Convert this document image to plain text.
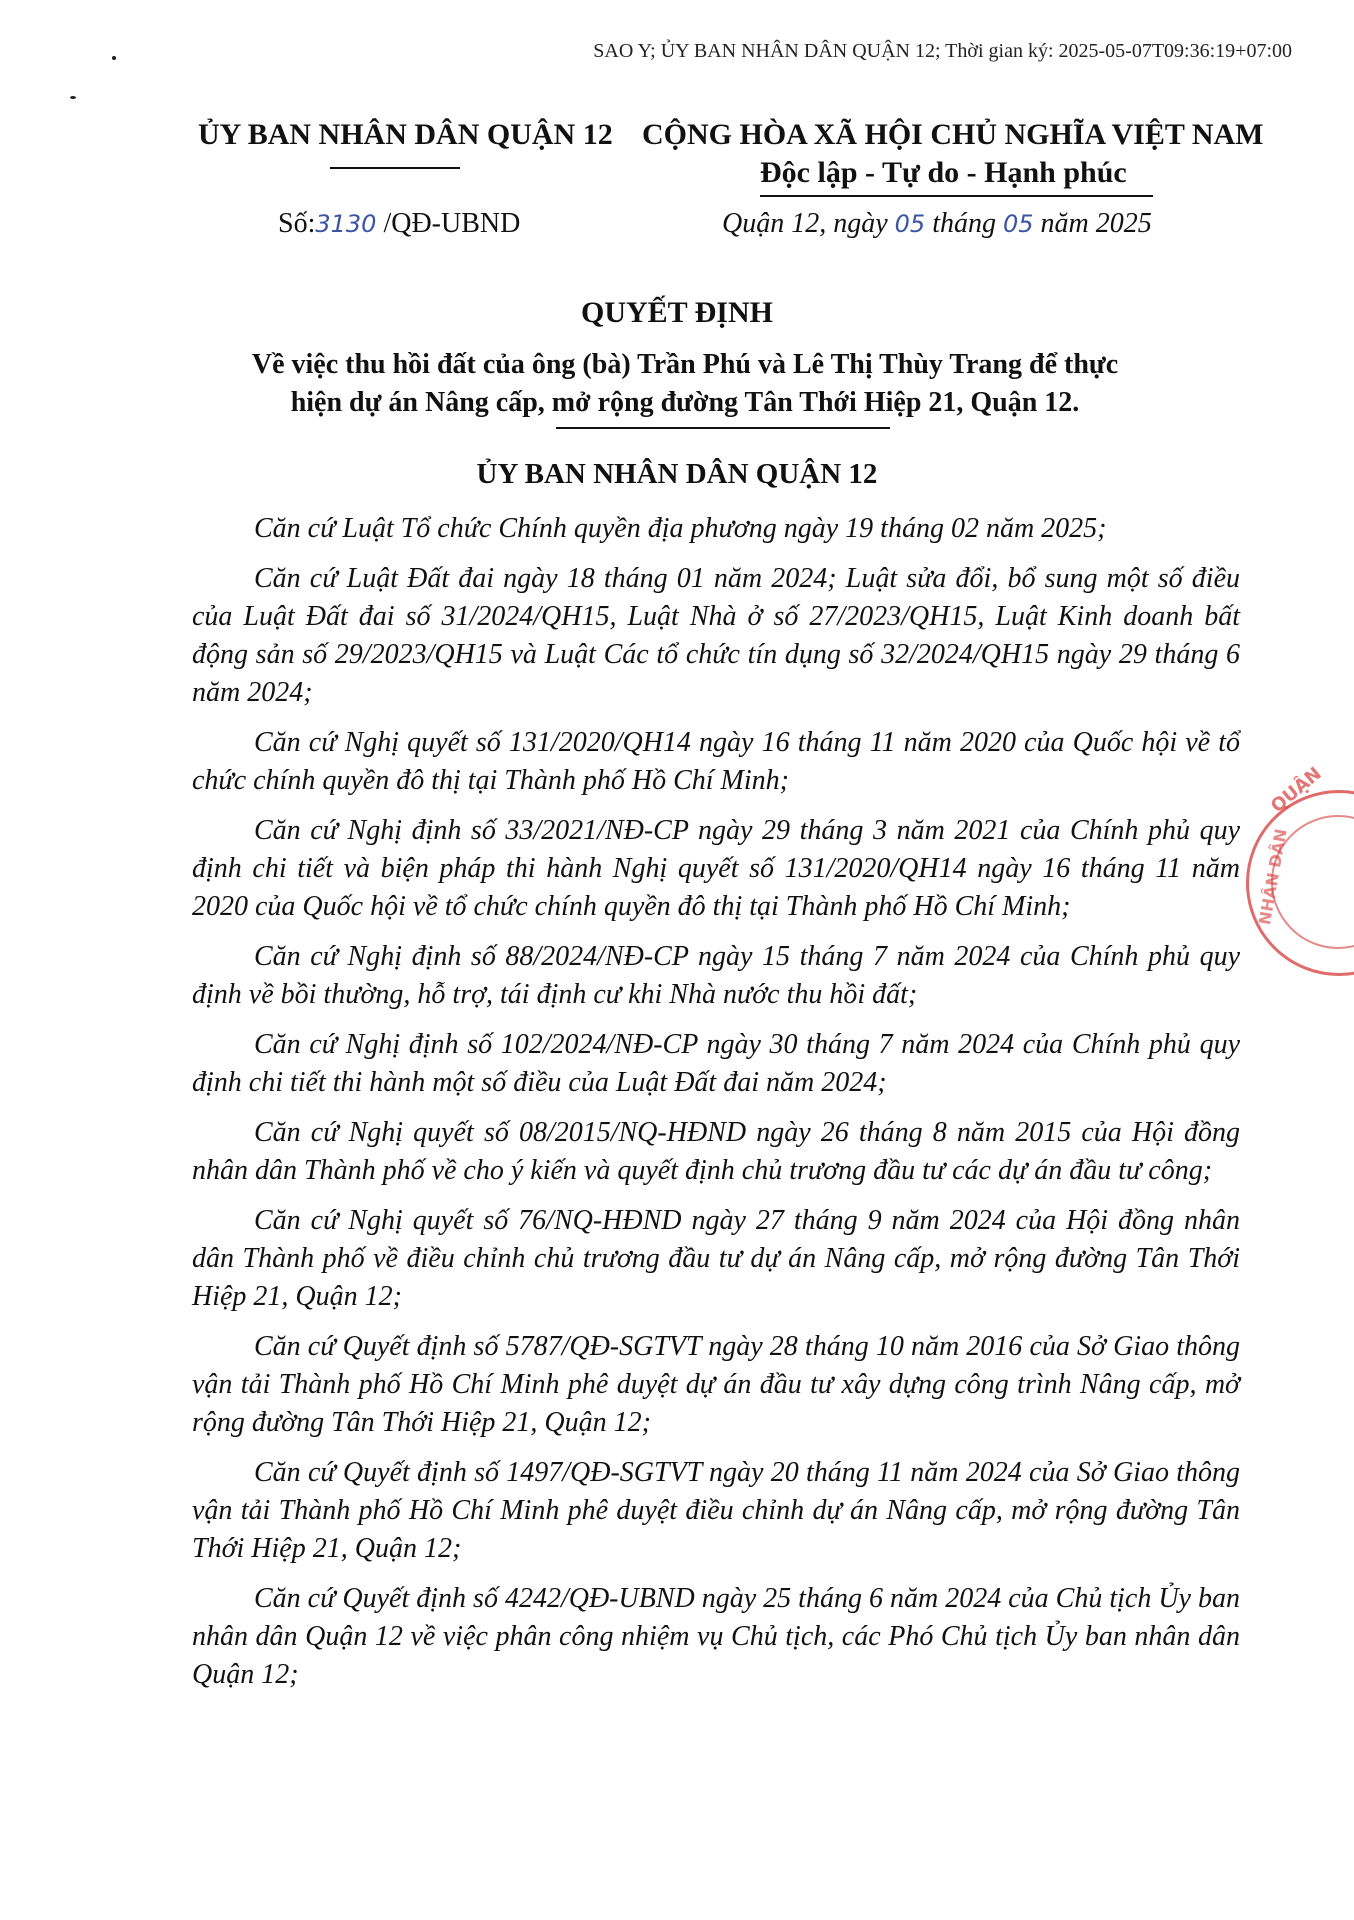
SAO Y; ỦY BAN NHÂN DÂN QUẬN 12; Thời gian ký: 2025-05-07T09:36:19+07:00
ỦY BAN NHÂN DÂN QUẬN 12 CỘNG HÒA XÃ HỘI CHỦ NGHĨA VIỆT NAM
Độc lập - Tự do - Hạnh phúc
Số:3130 /QĐ-UBND	Quận 12, ngày 05 tháng 05 năm 2025
QUYẾT ĐỊNH
Về việc thu hồi đất của ông (bà) Trần Phú và Lê Thị Thùy Trang để thực
hiện dự án Nâng cấp, mở rộng đường Tân Thới Hiệp 21, Quận 12.
ỦY BAN NHÂN DÂN QUẬN 12

Căn cứ Luật Tổ chức Chính quyền địa phương ngày 19 tháng 02 năm 2025;

Căn cứ Luật Đất đai ngày 18 tháng 01 năm 2024; Luật sửa đổi, bổ sung một số điều của Luật Đất đai số 31/2024/QH15, Luật Nhà ở số 27/2023/QH15, Luật Kinh doanh bất động sản số 29/2023/QH15 và Luật Các tổ chức tín dụng số 32/2024/QH15 ngày 29 tháng 6 năm 2024;

Căn cứ Nghị quyết số 131/2020/QH14 ngày 16 tháng 11 năm 2020 của Quốc hội về tổ chức chính quyền đô thị tại Thành phố Hồ Chí Minh;

Căn cứ Nghị định số 33/2021/NĐ-CP ngày 29 tháng 3 năm 2021 của Chính phủ quy định chi tiết và biện pháp thi hành Nghị quyết số 131/2020/QH14 ngày 16 tháng 11 năm 2020 của Quốc hội về tổ chức chính quyền đô thị tại Thành phố Hồ Chí Minh;

Căn cứ Nghị định số 88/2024/NĐ-CP ngày 15 tháng 7 năm 2024 của Chính phủ quy định về bồi thường, hỗ trợ, tái định cư khi Nhà nước thu hồi đất;

Căn cứ Nghị định số 102/2024/NĐ-CP ngày 30 tháng 7 năm 2024 của Chính phủ quy định chi tiết thi hành một số điều của Luật Đất đai năm 2024;

Căn cứ Nghị quyết số 08/2015/NQ-HĐND ngày 26 tháng 8 năm 2015 của Hội đồng nhân dân Thành phố về cho ý kiến và quyết định chủ trương đầu tư các dự án đầu tư công;

Căn cứ Nghị quyết số 76/NQ-HĐND ngày 27 tháng 9 năm 2024 của Hội đồng nhân dân Thành phố về điều chỉnh chủ trương đầu tư dự án Nâng cấp, mở rộng đường Tân Thới Hiệp 21, Quận 12;

Căn cứ Quyết định số 5787/QĐ-SGTVT ngày 28 tháng 10 năm 2016 của Sở Giao thông vận tải Thành phố Hồ Chí Minh phê duyệt dự án đầu tư xây dựng công trình Nâng cấp, mở rộng đường Tân Thới Hiệp 21, Quận 12;

Căn cứ Quyết định số 1497/QĐ-SGTVT ngày 20 tháng 11 năm 2024 của Sở Giao thông vận tải Thành phố Hồ Chí Minh phê duyệt điều chỉnh dự án Nâng cấp, mở rộng đường Tân Thới Hiệp 21, Quận 12;

Căn cứ Quyết định số 4242/QĐ-UBND ngày 25 tháng 6 năm 2024 của Chủ tịch Ủy ban nhân dân Quận 12 về việc phân công nhiệm vụ Chủ tịch, các Phó Chủ tịch Ủy ban nhân dân Quận 12;

QUẬN
NHÂN DÂN
